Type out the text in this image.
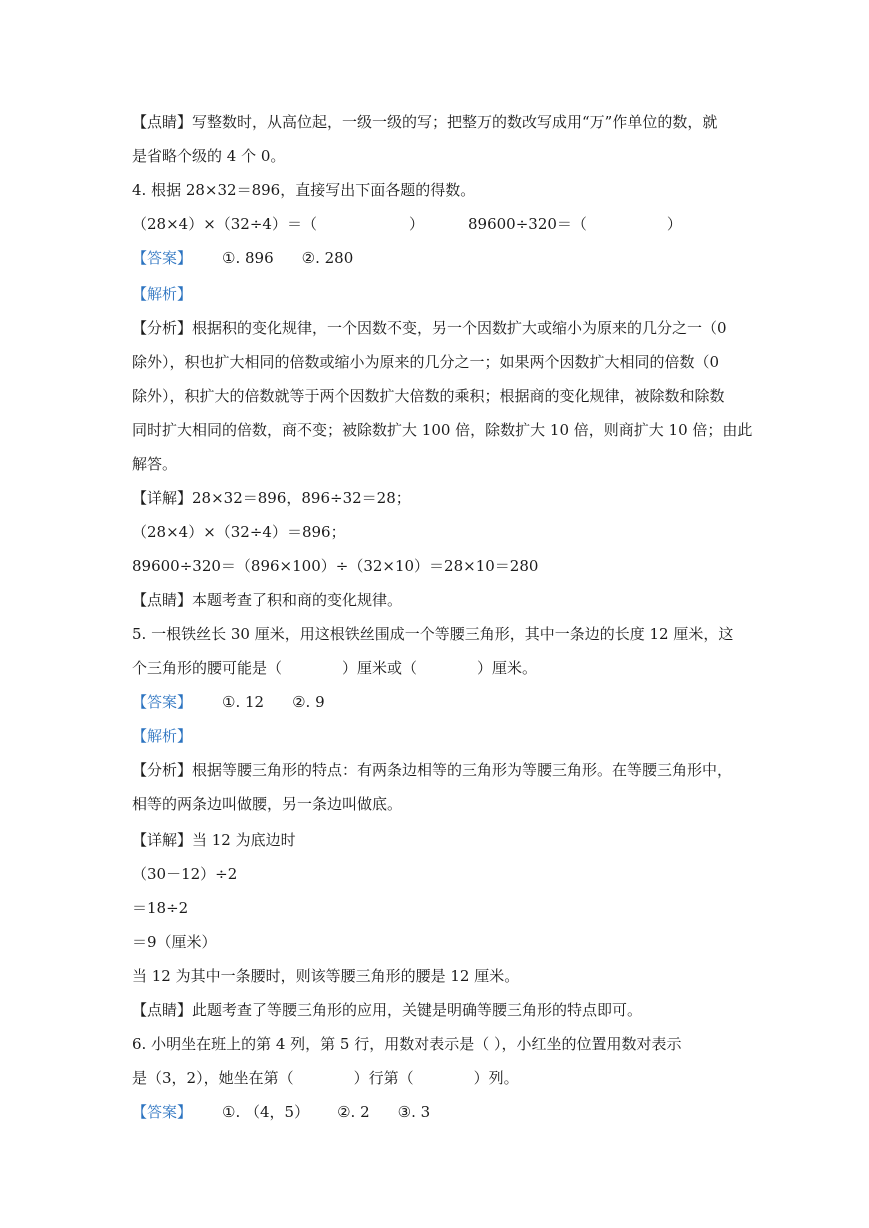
【点睛】写整数时，从高位起，一级一级的写；把整万的数改写成用“万”作单位的数，就
是省略个级的 4 个 0。
4. 根据 28×32＝896，直接写出下面各题的得数。
（28×4）×（32÷4）＝（	）	89600÷320＝（	）
【答案】 ①. 896 ②. 280
【解析】
【分析】根据积的变化规律，一个因数不变，另一个因数扩大或缩小为原来的几分之一（0
除外），积也扩大相同的倍数或缩小为原来的几分之一；如果两个因数扩大相同的倍数（0
除外），积扩大的倍数就等于两个因数扩大倍数的乘积；根据商的变化规律，被除数和除数
同时扩大相同的倍数，商不变；被除数扩大 100 倍，除数扩大 10 倍，则商扩大 10 倍；由此
解答。
【详解】28×32＝896，896÷32＝28；
（28×4）×（32÷4）＝896；
89600÷320＝（896×100）÷（32×10）＝28×10＝280
【点睛】本题考查了积和商的变化规律。
5. 一根铁丝长 30 厘米，用这根铁丝围成一个等腰三角形，其中一条边的长度 12 厘米，这
个三角形的腰可能是（	）厘米或（	）厘米。
【答案】 ①. 12 ②. 9
【解析】
【分析】根据等腰三角形的特点：有两条边相等的三角形为等腰三角形。在等腰三角形中，
相等的两条边叫做腰，另一条边叫做底。
【详解】当 12 为底边时
（30－12）÷2
＝18÷2
＝9（厘米）
当 12 为其中一条腰时，则该等腰三角形的腰是 12 厘米。
【点睛】此题考查了等腰三角形的应用，关键是明确等腰三角形的特点即可。
6. 小明坐在班上的第 4 列，第 5 行，用数对表示是（ ），小红坐的位置用数对表示
是（3，2），她坐在第（	）行第（	）列。
【答案】 ①. （4，5） ②. 2 ③. 3
